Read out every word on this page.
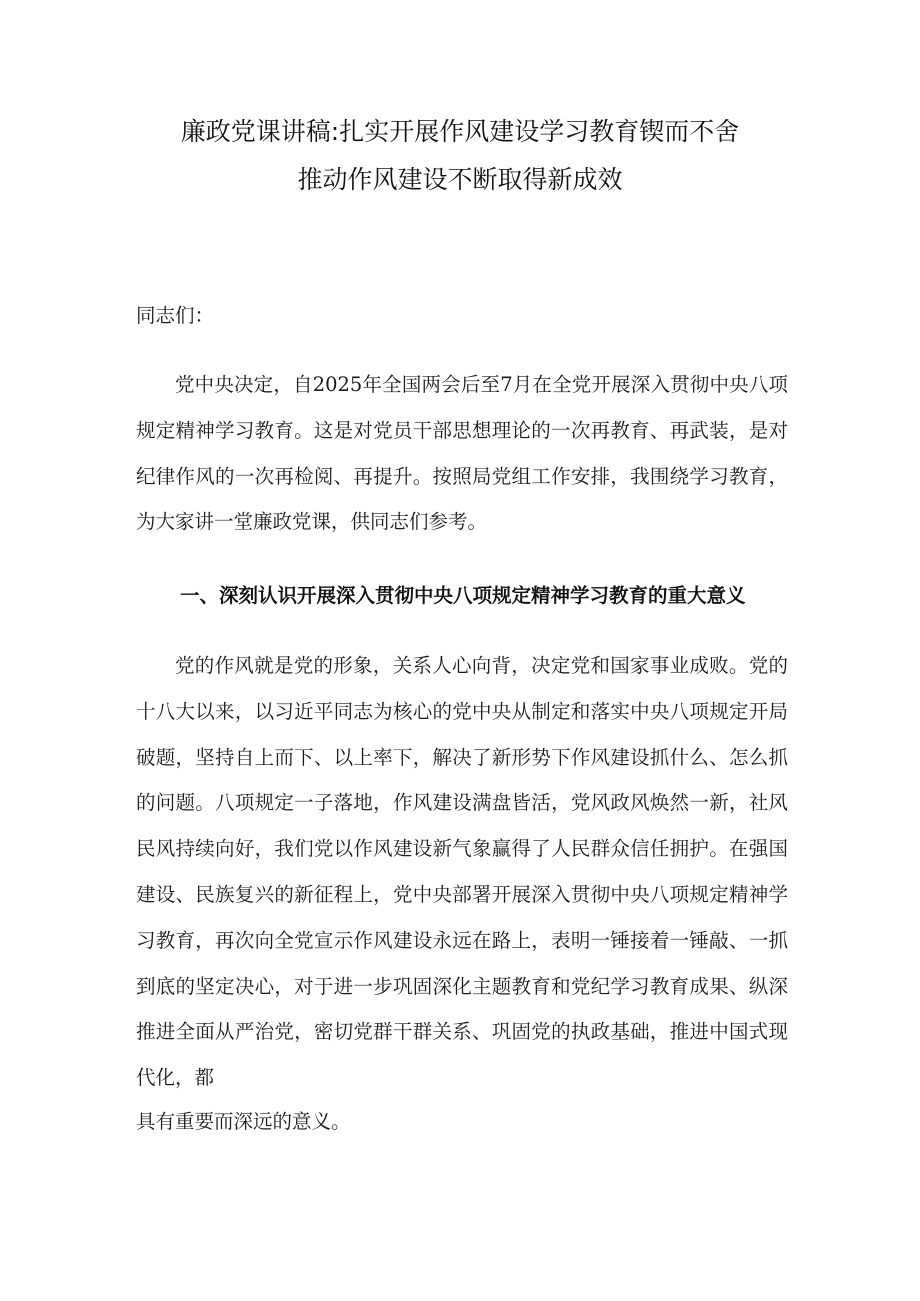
廉政党课讲稿:扎实开展作风建设学习教育锲而不舍
推动作风建设不断取得新成效
同志们：

党中央决定，自2025年全国两会后至7月在全党开展深入贯彻中央八项规定精神学习教育。这是对党员干部思想理论的一次再教育、再武装，是对纪律作风的一次再检阅、再提升。按照局党组工作安排，我围绕学习教育，为大家讲一堂廉政党课，供同志们参考。

一、深刻认识开展深入贯彻中央八项规定精神学习教育的重大意义

党的作风就是党的形象，关系人心向背，决定党和国家事业成败。党的十八大以来，以习近平同志为核心的党中央从制定和落实中央八项规定开局破题，坚持自上而下、以上率下，解决了新形势下作风建设抓什么、怎么抓的问题。八项规定一子落地，作风建设满盘皆活，党风政风焕然一新，社风民风持续向好，我们党以作风建设新气象赢得了人民群众信任拥护。在强国建设、民族复兴的新征程上，党中央部署开展深入贯彻中央八项规定精神学习教育，再次向全党宣示作风建设永远在路上，表明一锤接着一锤敲、一抓到底的坚定决心，对于进一步巩固深化主题教育和党纪学习教育成果、纵深推进全面从严治党，密切党群干群关系、巩固党的执政基础，推进中国式现代化，都

具有重要而深远的意义。
